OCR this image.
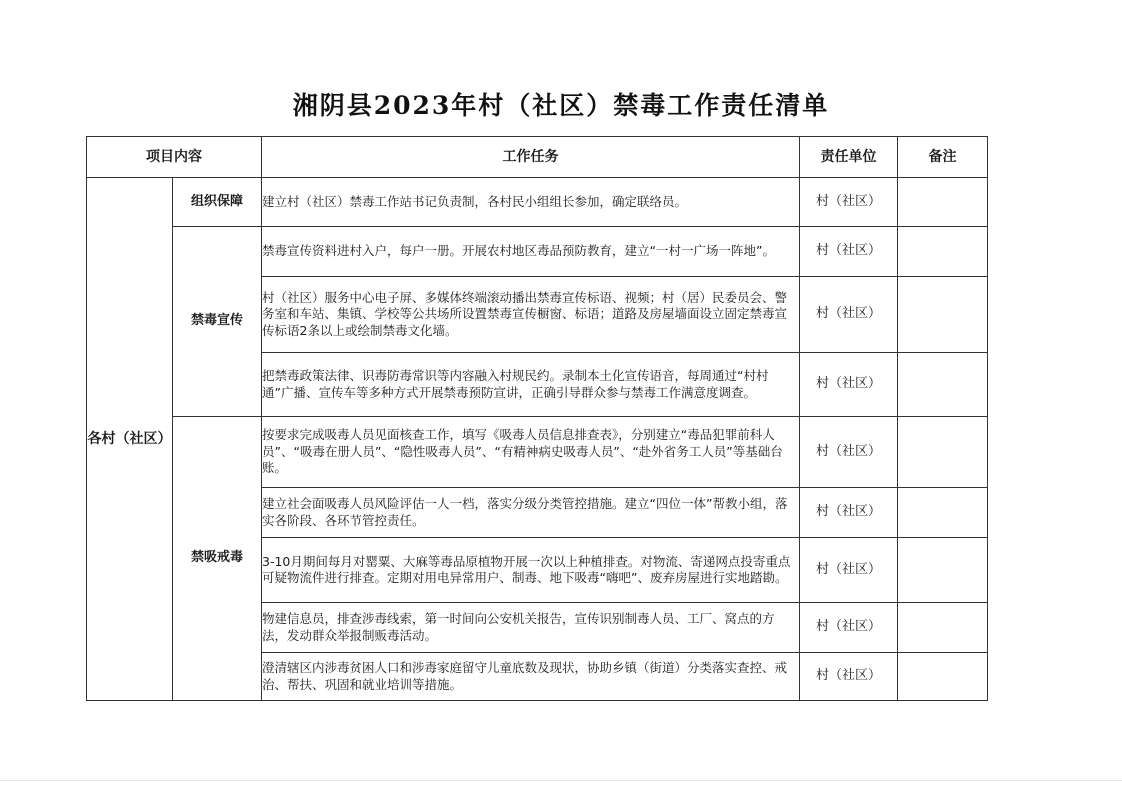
湘阴县2023年村（社区）禁毒工作责任清单
项目内容		工作任务	责任单位	备注
各村（社区）	组织保障	建立村（社区）禁毒工作站书记负责制，各村民小组组长参加，确定联络员。	村（社区）	
	禁毒宣传	禁毒宣传资料进村入户，每户一册。开展农村地区毒品预防教育，建立“一村一广场一阵地”。	村（社区）	
		村（社区）服务中心电子屏、多媒体终端滚动播出禁毒宣传标语、视频；村（居）民委员会、警务室和车站、集镇、学校等公共场所设置禁毒宣传橱窗、标语；道路及房屋墙面设立固定禁毒宣传标语2条以上或绘制禁毒文化墙。	村（社区）	
		把禁毒政策法律、识毒防毒常识等内容融入村规民约。录制本土化宣传语音，每周通过“村村通”广播、宣传车等多种方式开展禁毒预防宣讲，正确引导群众参与禁毒工作满意度调查。	村（社区）	
	禁吸戒毒	按要求完成吸毒人员见面核查工作，填写《吸毒人员信息排查表》，分别建立“毒品犯罪前科人员”、“吸毒在册人员”、“隐性吸毒人员”、“有精神病史吸毒人员”、“赴外省务工人员”等基础台账。	村（社区）	
		建立社会面吸毒人员风险评估一人一档，落实分级分类管控措施。建立“四位一体”帮教小组，落实各阶段、各环节管控责任。	村（社区）	
		3-10月期间每月对罂粟、大麻等毒品原植物开展一次以上种植排查。对物流、寄递网点投寄重点可疑物流件进行排查。定期对用电异常用户、制毒、地下吸毒“嗨吧”、废弃房屋进行实地踏勘。	村（社区）	
		物建信息员，排查涉毒线索，第一时间向公安机关报告，宣传识别制毒人员、工厂、窝点的方法，发动群众举报制贩毒活动。	村（社区）	
		澄清辖区内涉毒贫困人口和涉毒家庭留守儿童底数及现状，协助乡镇（街道）分类落实查控、戒治、帮扶、巩固和就业培训等措施。	村（社区）	
